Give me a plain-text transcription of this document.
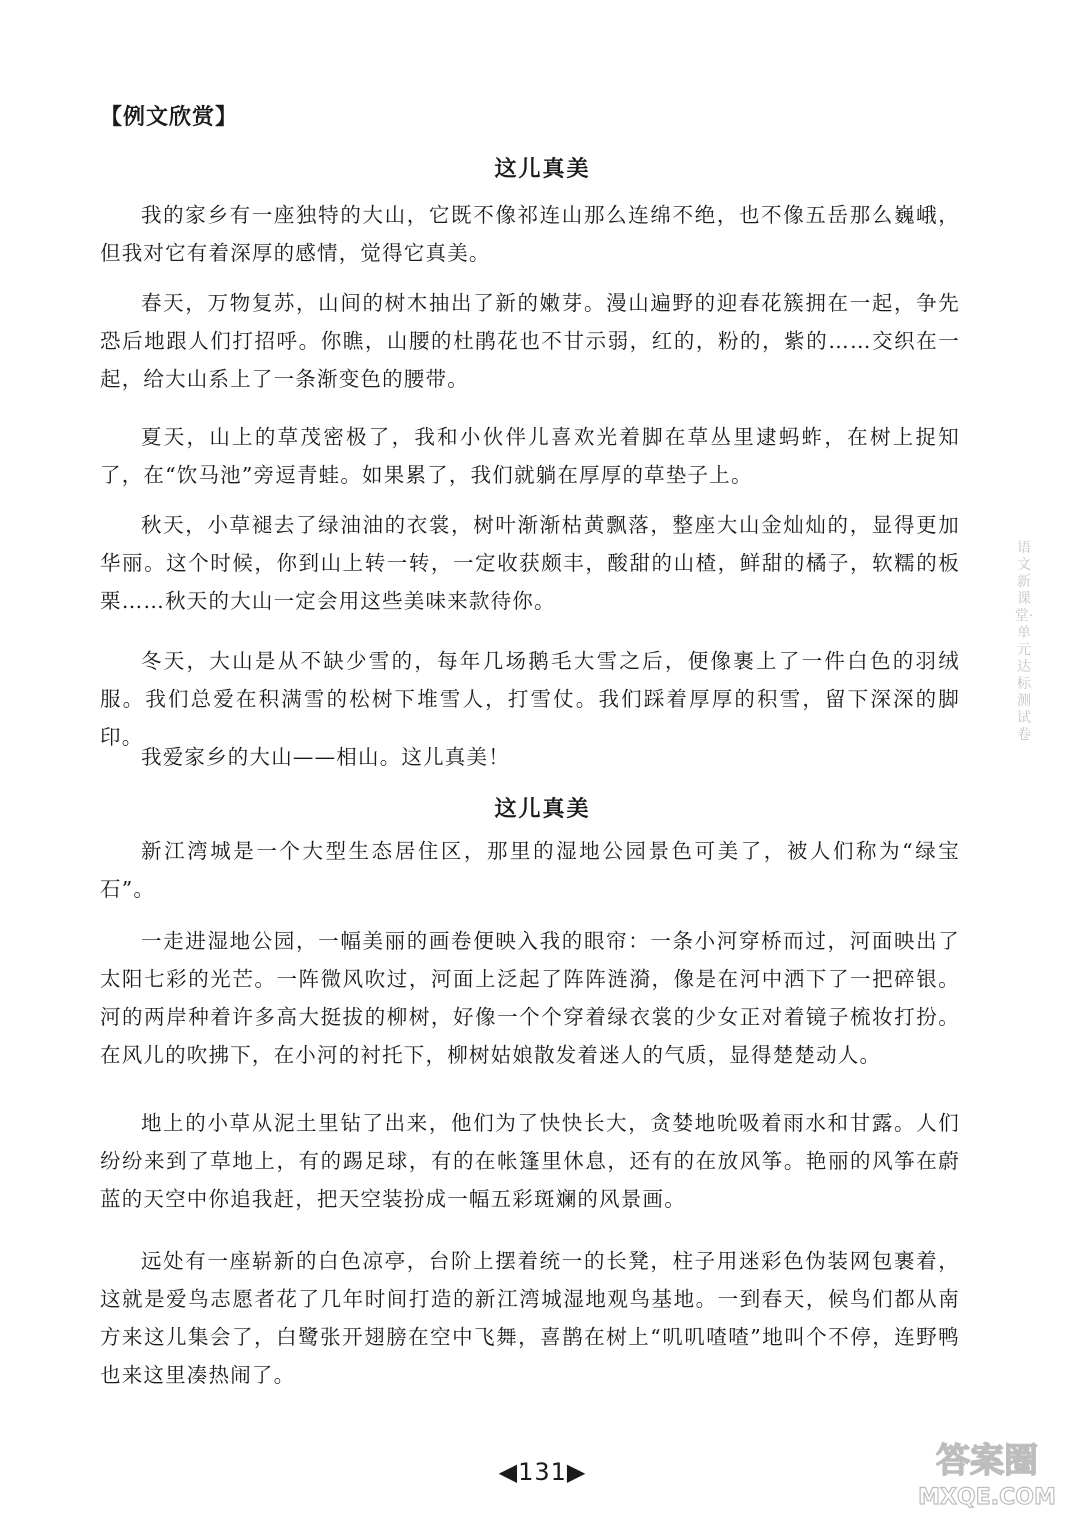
【例文欣赏】
这儿真美

我的家乡有一座独特的大山，它既不像祁连山那么连绵不绝，也不像五岳那么巍峨，但我对它有着深厚的感情，觉得它真美。

春天，万物复苏，山间的树木抽出了新的嫩芽。漫山遍野的迎春花簇拥在一起，争先恐后地跟人们打招呼。你瞧，山腰的杜鹃花也不甘示弱，红的，粉的，紫的……交织在一起，给大山系上了一条渐变色的腰带。

夏天，山上的草茂密极了，我和小伙伴儿喜欢光着脚在草丛里逮蚂蚱，在树上捉知了，在“饮马池”旁逗青蛙。如果累了，我们就躺在厚厚的草垫子上。

秋天，小草褪去了绿油油的衣裳，树叶渐渐枯黄飘落，整座大山金灿灿的，显得更加华丽。这个时候，你到山上转一转，一定收获颇丰，酸甜的山楂，鲜甜的橘子，软糯的板栗……秋天的大山一定会用这些美味来款待你。

冬天，大山是从不缺少雪的，每年几场鹅毛大雪之后，便像裹上了一件白色的羽绒服。我们总爱在积满雪的松树下堆雪人，打雪仗。我们踩着厚厚的积雪，留下深深的脚印。

我爱家乡的大山——相山。这儿真美！

这儿真美

新江湾城是一个大型生态居住区，那里的湿地公园景色可美了，被人们称为“绿宝石”。

一走进湿地公园，一幅美丽的画卷便映入我的眼帘：一条小河穿桥而过，河面映出了太阳七彩的光芒。一阵微风吹过，河面上泛起了阵阵涟漪，像是在河中洒下了一把碎银。河的两岸种着许多高大挺拔的柳树，好像一个个穿着绿衣裳的少女正对着镜子梳妆打扮。在风儿的吹拂下，在小河的衬托下，柳树姑娘散发着迷人的气质，显得楚楚动人。

地上的小草从泥土里钻了出来，他们为了快快长大，贪婪地吮吸着雨水和甘露。人们纷纷来到了草地上，有的踢足球，有的在帐篷里休息，还有的在放风筝。艳丽的风筝在蔚蓝的天空中你追我赶，把天空装扮成一幅五彩斑斓的风景画。

远处有一座崭新的白色凉亭，台阶上摆着统一的长凳，柱子用迷彩色伪装网包裹着，这就是爱鸟志愿者花了几年时间打造的新江湾城湿地观鸟基地。一到春天，候鸟们都从南方来这儿集会了，白鹭张开翅膀在空中飞舞，喜鹊在树上“叽叽喳喳”地叫个不停，连野鸭也来这里凑热闹了。

◀131▶
语文新课堂·单元达标测试卷
答案圈
MXQE.COM
